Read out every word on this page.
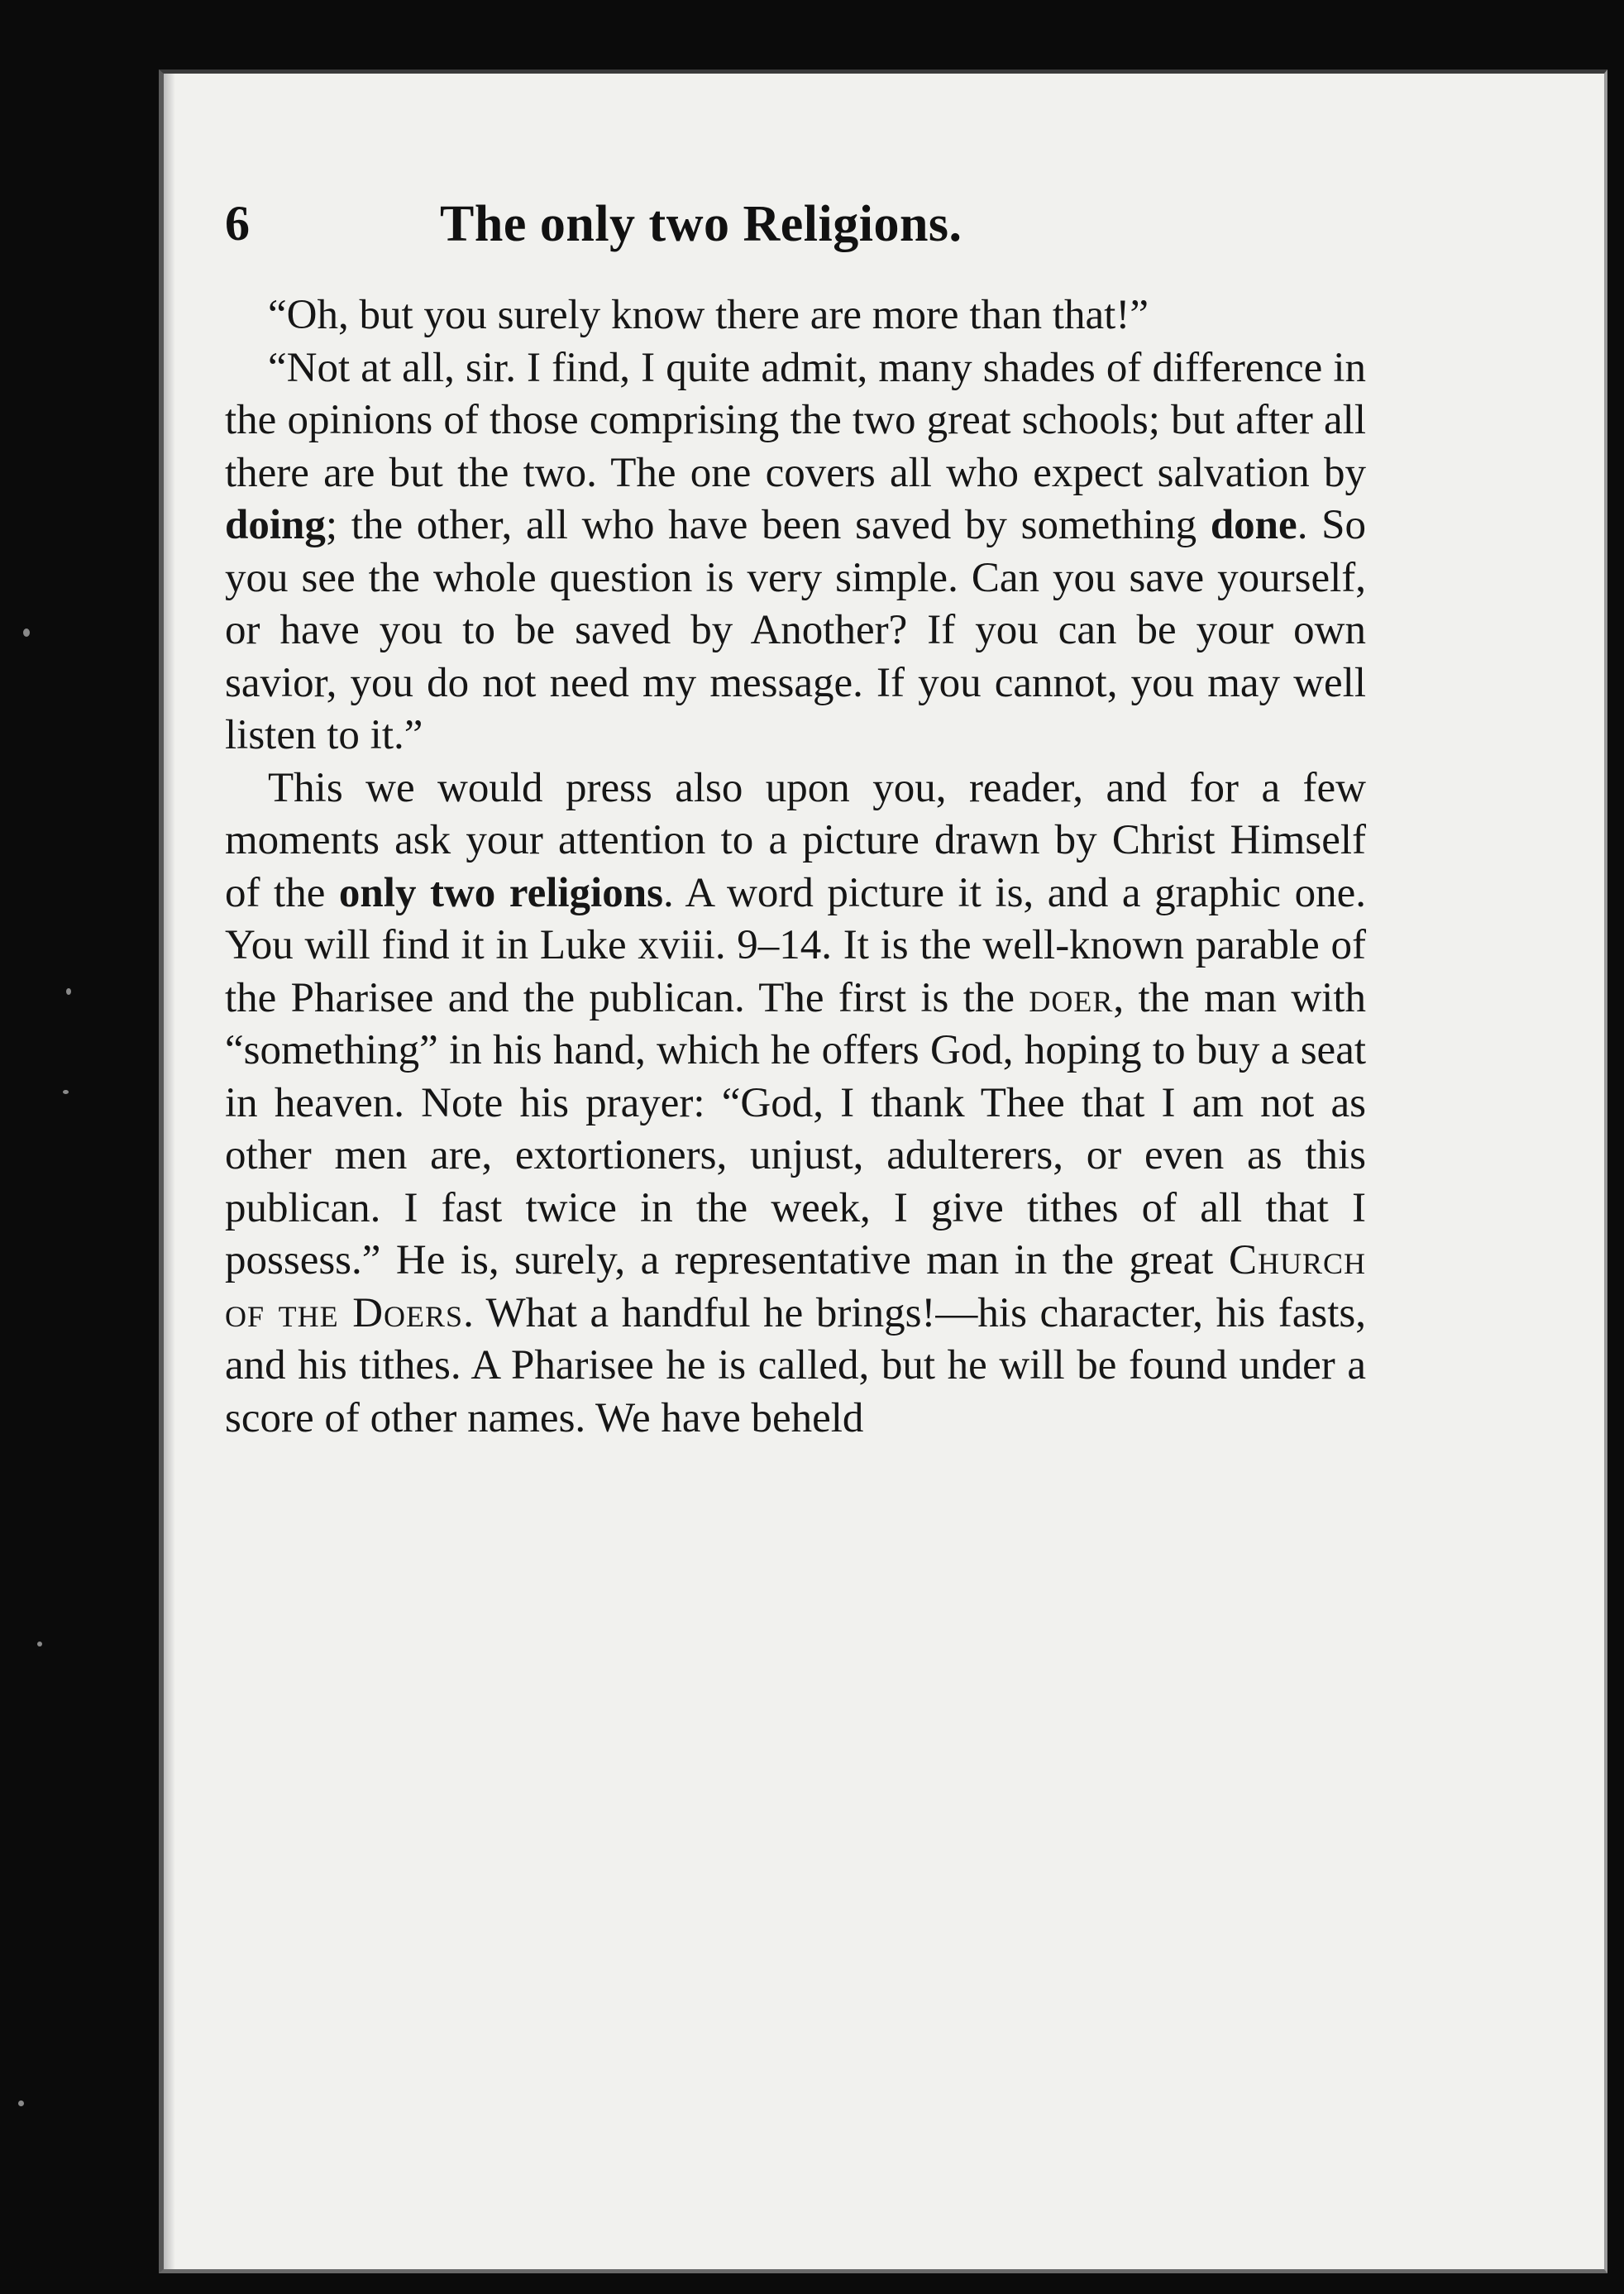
6	The only two Religions.

“Oh, but you surely know there are more than that!”

“Not at all, sir. I find, I quite admit, many shades of difference in the opinions of those comprising the two great schools; but after all there are but the two. The one covers all who expect salvation by doing; the other, all who have been saved by something done. So you see the whole question is very simple. Can you save yourself, or have you to be saved by Another? If you can be your own savior, you do not need my message. If you cannot, you may well listen to it.”

This we would press also upon you, reader, and for a few moments ask your attention to a picture drawn by Christ Himself of the only two religions. A word picture it is, and a graphic one. You will find it in Luke xviii. 9–14. It is the well-known parable of the Pharisee and the publican. The first is the doer, the man with “something” in his hand, which he offers God, hoping to buy a seat in heaven. Note his prayer: “God, I thank Thee that I am not as other men are, extortioners, unjust, adulterers, or even as this publican. I fast twice in the week, I give tithes of all that I possess.” He is, surely, a representative man in the great Church of the Doers. What a handful he brings!—his character, his fasts, and his tithes. A Pharisee he is called, but he will be found under a score of other names. We have beheld
